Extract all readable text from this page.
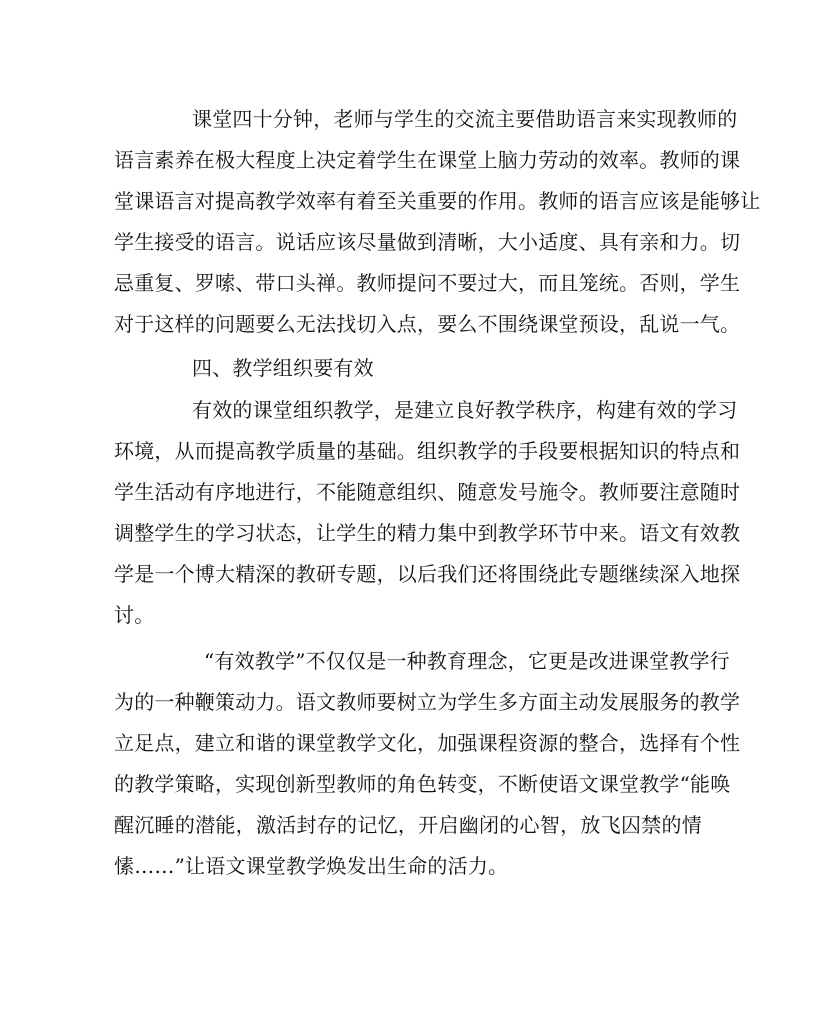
课堂四十分钟，老师与学生的交流主要借助语言来实现教师的
语言素养在极大程度上决定着学生在课堂上脑力劳动的效率。教师的课
堂课语言对提高教学效率有着至关重要的作用。教师的语言应该是能够让
学生接受的语言。说话应该尽量做到清晰，大小适度、具有亲和力。切
忌重复、罗嗦、带口头禅。教师提问不要过大，而且笼统。否则，学生
对于这样的问题要么无法找切入点，要么不围绕课堂预设，乱说一气。
四、教学组织要有效
有效的课堂组织教学，是建立良好教学秩序，构建有效的学习
环境，从而提高教学质量的基础。组织教学的手段要根据知识的特点和
学生活动有序地进行，不能随意组织、随意发号施令。教师要注意随时
调整学生的学习状态，让学生的精力集中到教学环节中来。语文有效教
学是一个博大精深的教研专题，以后我们还将围绕此专题继续深入地探
讨。
“有效教学”不仅仅是一种教育理念，它更是改进课堂教学行
为的一种鞭策动力。语文教师要树立为学生多方面主动发展服务的教学
立足点，建立和谐的课堂教学文化，加强课程资源的整合，选择有个性
的教学策略，实现创新型教师的角色转变，不断使语文课堂教学“能唤
醒沉睡的潜能，激活封存的记忆，开启幽闭的心智，放飞囚禁的情
愫……”让语文课堂教学焕发出生命的活力。
